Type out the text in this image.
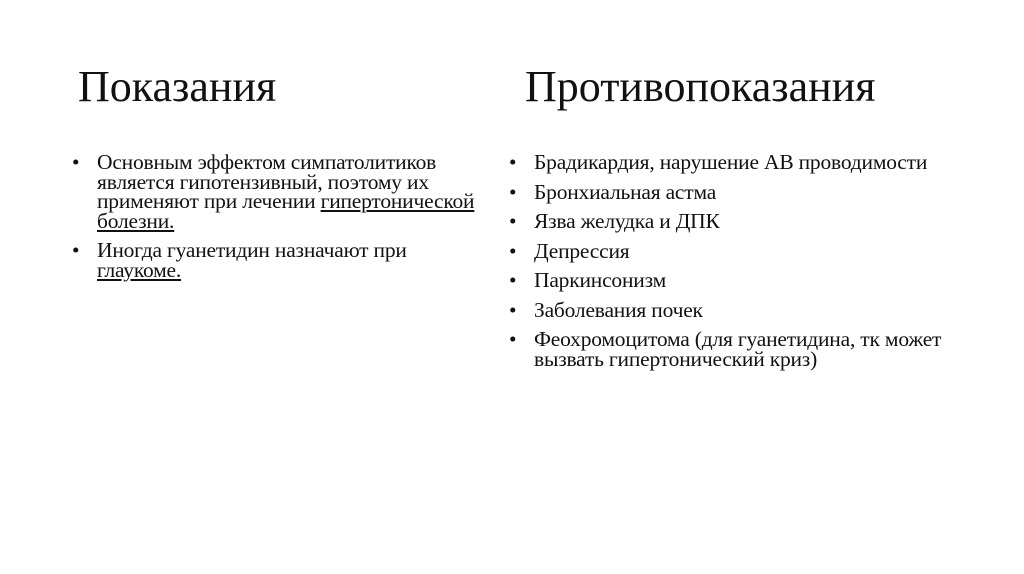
Показания	Противопоказания
• Основным эффектом симпатолитиков является гипотензивный, поэтому их применяют при лечении гипертонической болезни.
• Иногда гуанетидин назначают при глаукоме.
• Брадикардия, нарушение АВ проводимости
• Бронхиальная астма
• Язва желудка и ДПК
• Депрессия
• Паркинсонизм
• Заболевания почек
• Феохромоцитома (для гуанетидина, тк может вызвать гипертонический криз)
